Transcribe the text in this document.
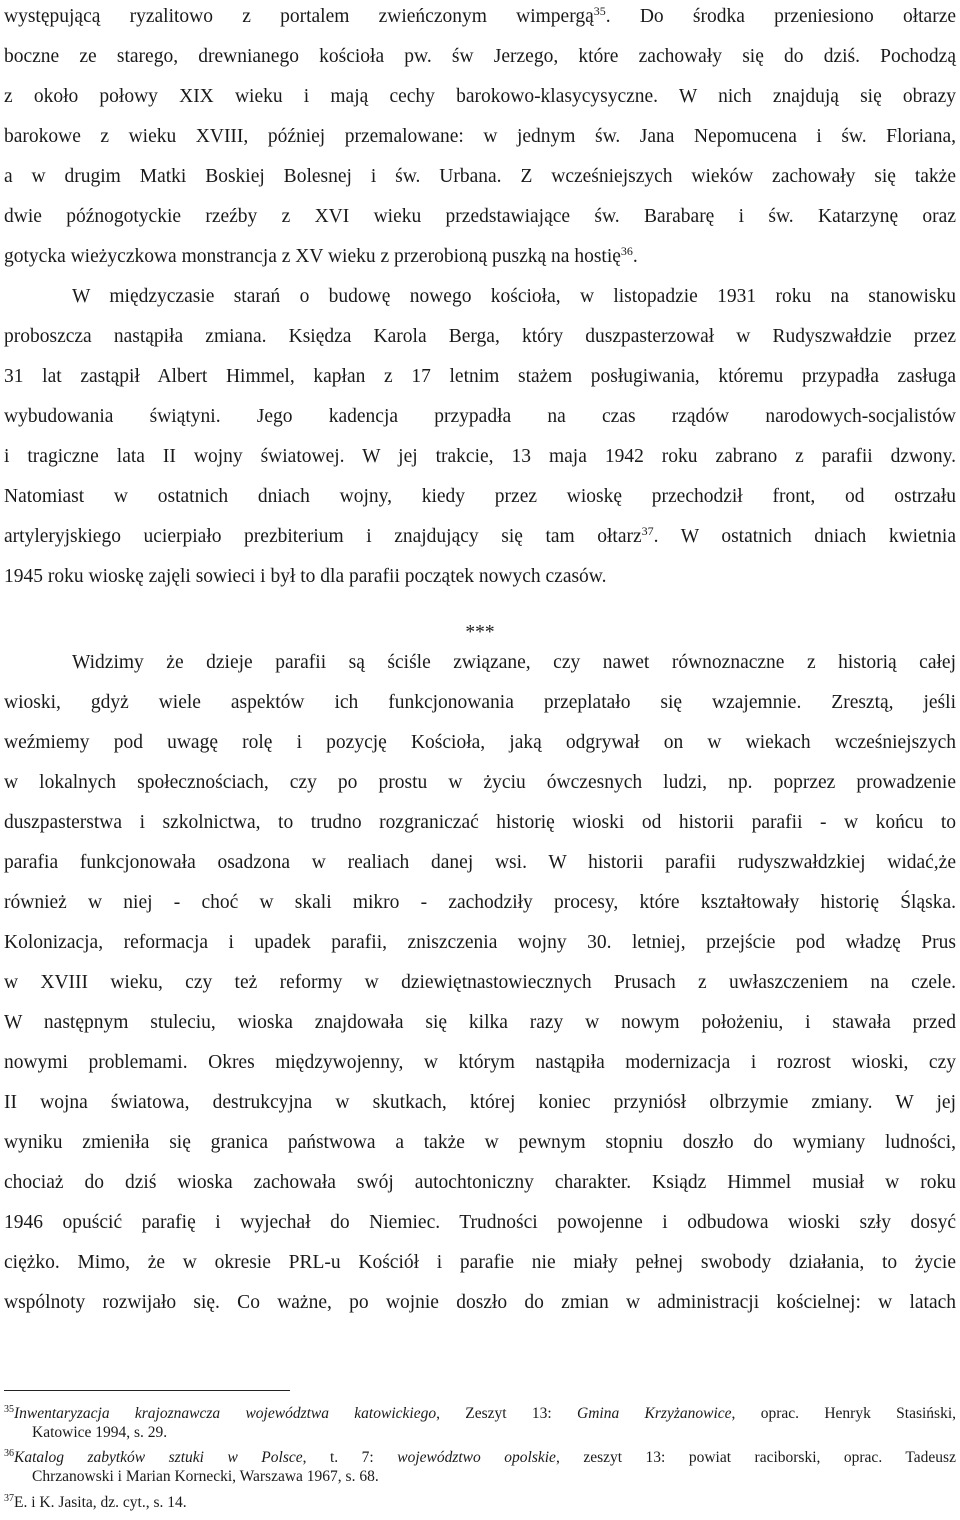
występującą ryzalitowo z portalem zwieńczonym wimpergą$^{35}$. Do środka przeniesiono ołtarze
boczne ze starego, drewnianego kościoła pw. św Jerzego, które zachowały się do dziś. Pochodzą
z około połowy XIX wieku i mają cechy barokowo-klasycysyczne. W nich znajdują się obrazy
barokowe z wieku XVIII, później przemalowane: w jednym św. Jana Nepomucena i św. Floriana,
a w drugim Matki Boskiej Bolesnej i św. Urbana. Z wcześniejszych wieków zachowały się także
dwie późnogotyckie rzeźby z XVI wieku przedstawiające św. Barabarę i św. Katarzynę oraz
gotycka wieżyczkowa monstrancja z XV wieku z przerobioną puszką na hostię$^{36}$.
W międzyczasie starań o budowę nowego kościoła, w listopadzie 1931 roku na stanowisku
proboszcza nastąpiła zmiana. Księdza Karola Berga, który duszpasterzował w Rudyszwałdzie przez
31 lat zastąpił Albert Himmel, kapłan z 17 letnim stażem posługiwania, któremu przypadła zasługa
wybudowania świątyni. Jego kadencja przypadła na czas rządów narodowych-socjalistów
i tragiczne lata II wojny światowej. W jej trakcie, 13 maja 1942 roku zabrano z parafii dzwony.
Natomiast w ostatnich dniach wojny, kiedy przez wioskę przechodził front, od ostrzału
artyleryjskiego ucierpiało prezbiterium i znajdujący się tam ołtarz$^{37}$. W ostatnich dniach kwietnia
1945 roku wioskę zajęli sowieci i był to dla parafii początek nowych czasów.
Widzimy że dzieje parafii są ściśle związane, czy nawet równoznaczne z historią całej
wioski, gdyż wiele aspektów ich funkcjonowania przeplatało się wzajemnie. Zresztą, jeśli
weźmiemy pod uwagę rolę i pozycję Kościoła, jaką odgrywał on w wiekach wcześniejszych
w lokalnych społecznościach, czy po prostu w życiu ówczesnych ludzi, np. poprzez prowadzenie
duszpasterstwa i szkolnictwa, to trudno rozgraniczać historię wioski od historii parafii - w końcu to
parafia funkcjonowała osadzona w realiach danej wsi. W historii parafii rudyszwałdzkiej widać,że
również w niej - choć w skali mikro - zachodziły procesy, które kształtowały historię Śląska.
Kolonizacja, reformacja i upadek parafii, zniszczenia wojny 30. letniej, przejście pod władzę Prus
w XVIII wieku, czy też reformy w dziewiętnastowiecznych Prusach z uwłaszczeniem na czele.
W następnym stuleciu, wioska znajdowała się kilka razy w nowym położeniu, i stawała przed
nowymi problemami. Okres międzywojenny, w którym nastąpiła modernizacja i rozrost wioski, czy
II wojna światowa, destrukcyjna w skutkach, której koniec przyniósł olbrzymie zmiany. W jej
wyniku zmieniła się granica państwowa a także w pewnym stopniu doszło do wymiany ludności,
chociaż do dziś wioska zachowała swój autochtoniczny charakter. Ksiądz Himmel musiał w roku
1946 opuścić parafię i wyjechał do Niemiec. Trudności powojenne i odbudowa wioski szły dosyć
ciężko. Mimo, że w okresie PRL-u Kościół i parafie nie miały pełnej swobody działania, to życie
wspólnoty rozwijało się. Co ważne, po wojnie doszło do zmian w administracji kościelnej: w latach
***
$^{35}$Inwentaryzacja krajoznawcza województwa katowickiego, Zeszyt 13: Gmina Krzyżanowice, oprac. Henryk Stasiński,
Katowice 1994, s. 29.
$^{36}$Katalog zabytków sztuki w Polsce, t. 7: województwo opolskie, zeszyt 13: powiat raciborski, oprac. Tadeusz
Chrzanowski i Marian Kornecki, Warszawa 1967, s. 68.
$^{37}$E. i K. Jasita, dz. cyt., s. 14.
